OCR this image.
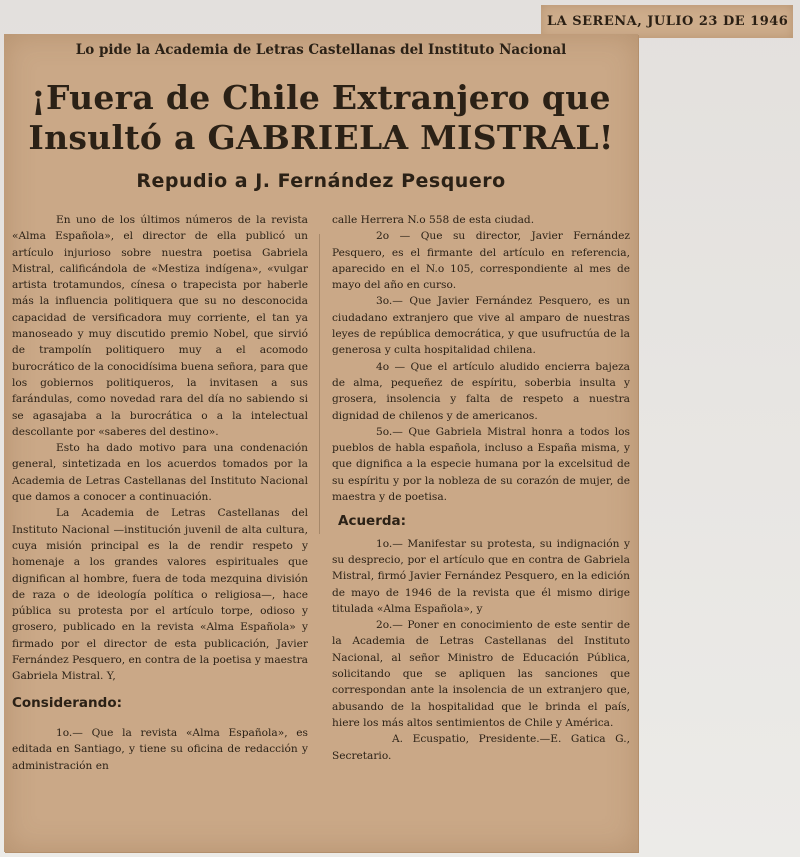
LA SERENA, JULIO 23 DE 1946
Lo pide la Academia de Letras Castellanas del Instituto Nacional
¡Fuera de Chile Extranjero que
Insultó a GABRIELA MISTRAL!
Repudio a J. Fernández Pesquero

En uno de los últimos números de la revista «Alma Española», el director de ella publicó un artículo injurioso sobre nuestra poetisa Gabriela Mistral, calificándola de «Mestiza indígena», «vulgar artista trotamundos, cínesa o trapecista por haberle más la influencia politiquera que su no desconocida capacidad de versificadora muy corriente, el tan ya manoseado y muy discutido premio Nobel, que sirvió de trampolín politiquero muy a el acomodo burocrático de la conocidísima buena señora, para que los gobiernos politiqueros, la invitasen a sus farándulas, como novedad rara del día no sabiendo si se agasajaba a la burocrática o a la intelectual descollante por «saberes del destino».

Esto ha dado motivo para una condenación general, sintetizada en los acuerdos tomados por la Academia de Letras Castellanas del Instituto Nacional que damos a conocer a continuación.

La Academia de Letras Castellanas del Instituto Nacional —institución juvenil de alta cultura, cuya misión principal es la de rendir respeto y homenaje a los grandes valores espirituales que dignifican al hombre, fuera de toda mezquina división de raza o de ideología política o religiosa—, hace pública su protesta por el artículo torpe, odioso y grosero, publicado en la revista «Alma Española» y firmado por el director de esta publicación, Javier Fernández Pesquero, en contra de la poetisa y maestra Gabriela Mistral. Y,

Considerando:

1o.— Que la revista «Alma Española», es editada en Santiago, y tiene su oficina de redacción y administración en

calle Herrera N.o 558 de esta ciudad.

2o — Que su director, Javier Fernández Pesquero, es el firmante del artículo en referencia, aparecido en el N.o 105, correspondiente al mes de mayo del año en curso.

3o.— Que Javier Fernández Pesquero, es un ciudadano extranjero que vive al amparo de nuestras leyes de república democrática, y que usufructúa de la generosa y culta hospitalidad chilena.

4o — Que el artículo aludido encierra bajeza de alma, pequeñez de espíritu, soberbia insulta y grosera, insolencia y falta de respeto a nuestra dignidad de chilenos y de americanos.

5o.— Que Gabriela Mistral honra a todos los pueblos de habla española, incluso a España misma, y que dignifica a la especie humana por la excelsitud de su espíritu y por la nobleza de su corazón de mujer, de maestra y de poetisa.

Acuerda:

1o.— Manifestar su protesta, su indignación y su desprecio, por el artículo que en contra de Gabriela Mistral, firmó Javier Fernández Pesquero, en la edición de mayo de 1946 de la revista que él mismo dirige titulada «Alma Española», y

2o.— Poner en conocimiento de este sentir de la Academia de Letras Castellanas del Instituto Nacional, al señor Ministro de Educación Pública, solicitando que se apliquen las sanciones que correspondan ante la insolencia de un extranjero que, abusando de la hospitalidad que le brinda el país, hiere los más altos sentimientos de Chile y América.

A. Ecuspatio, Presidente.—E. Gatica G., Secretario.
